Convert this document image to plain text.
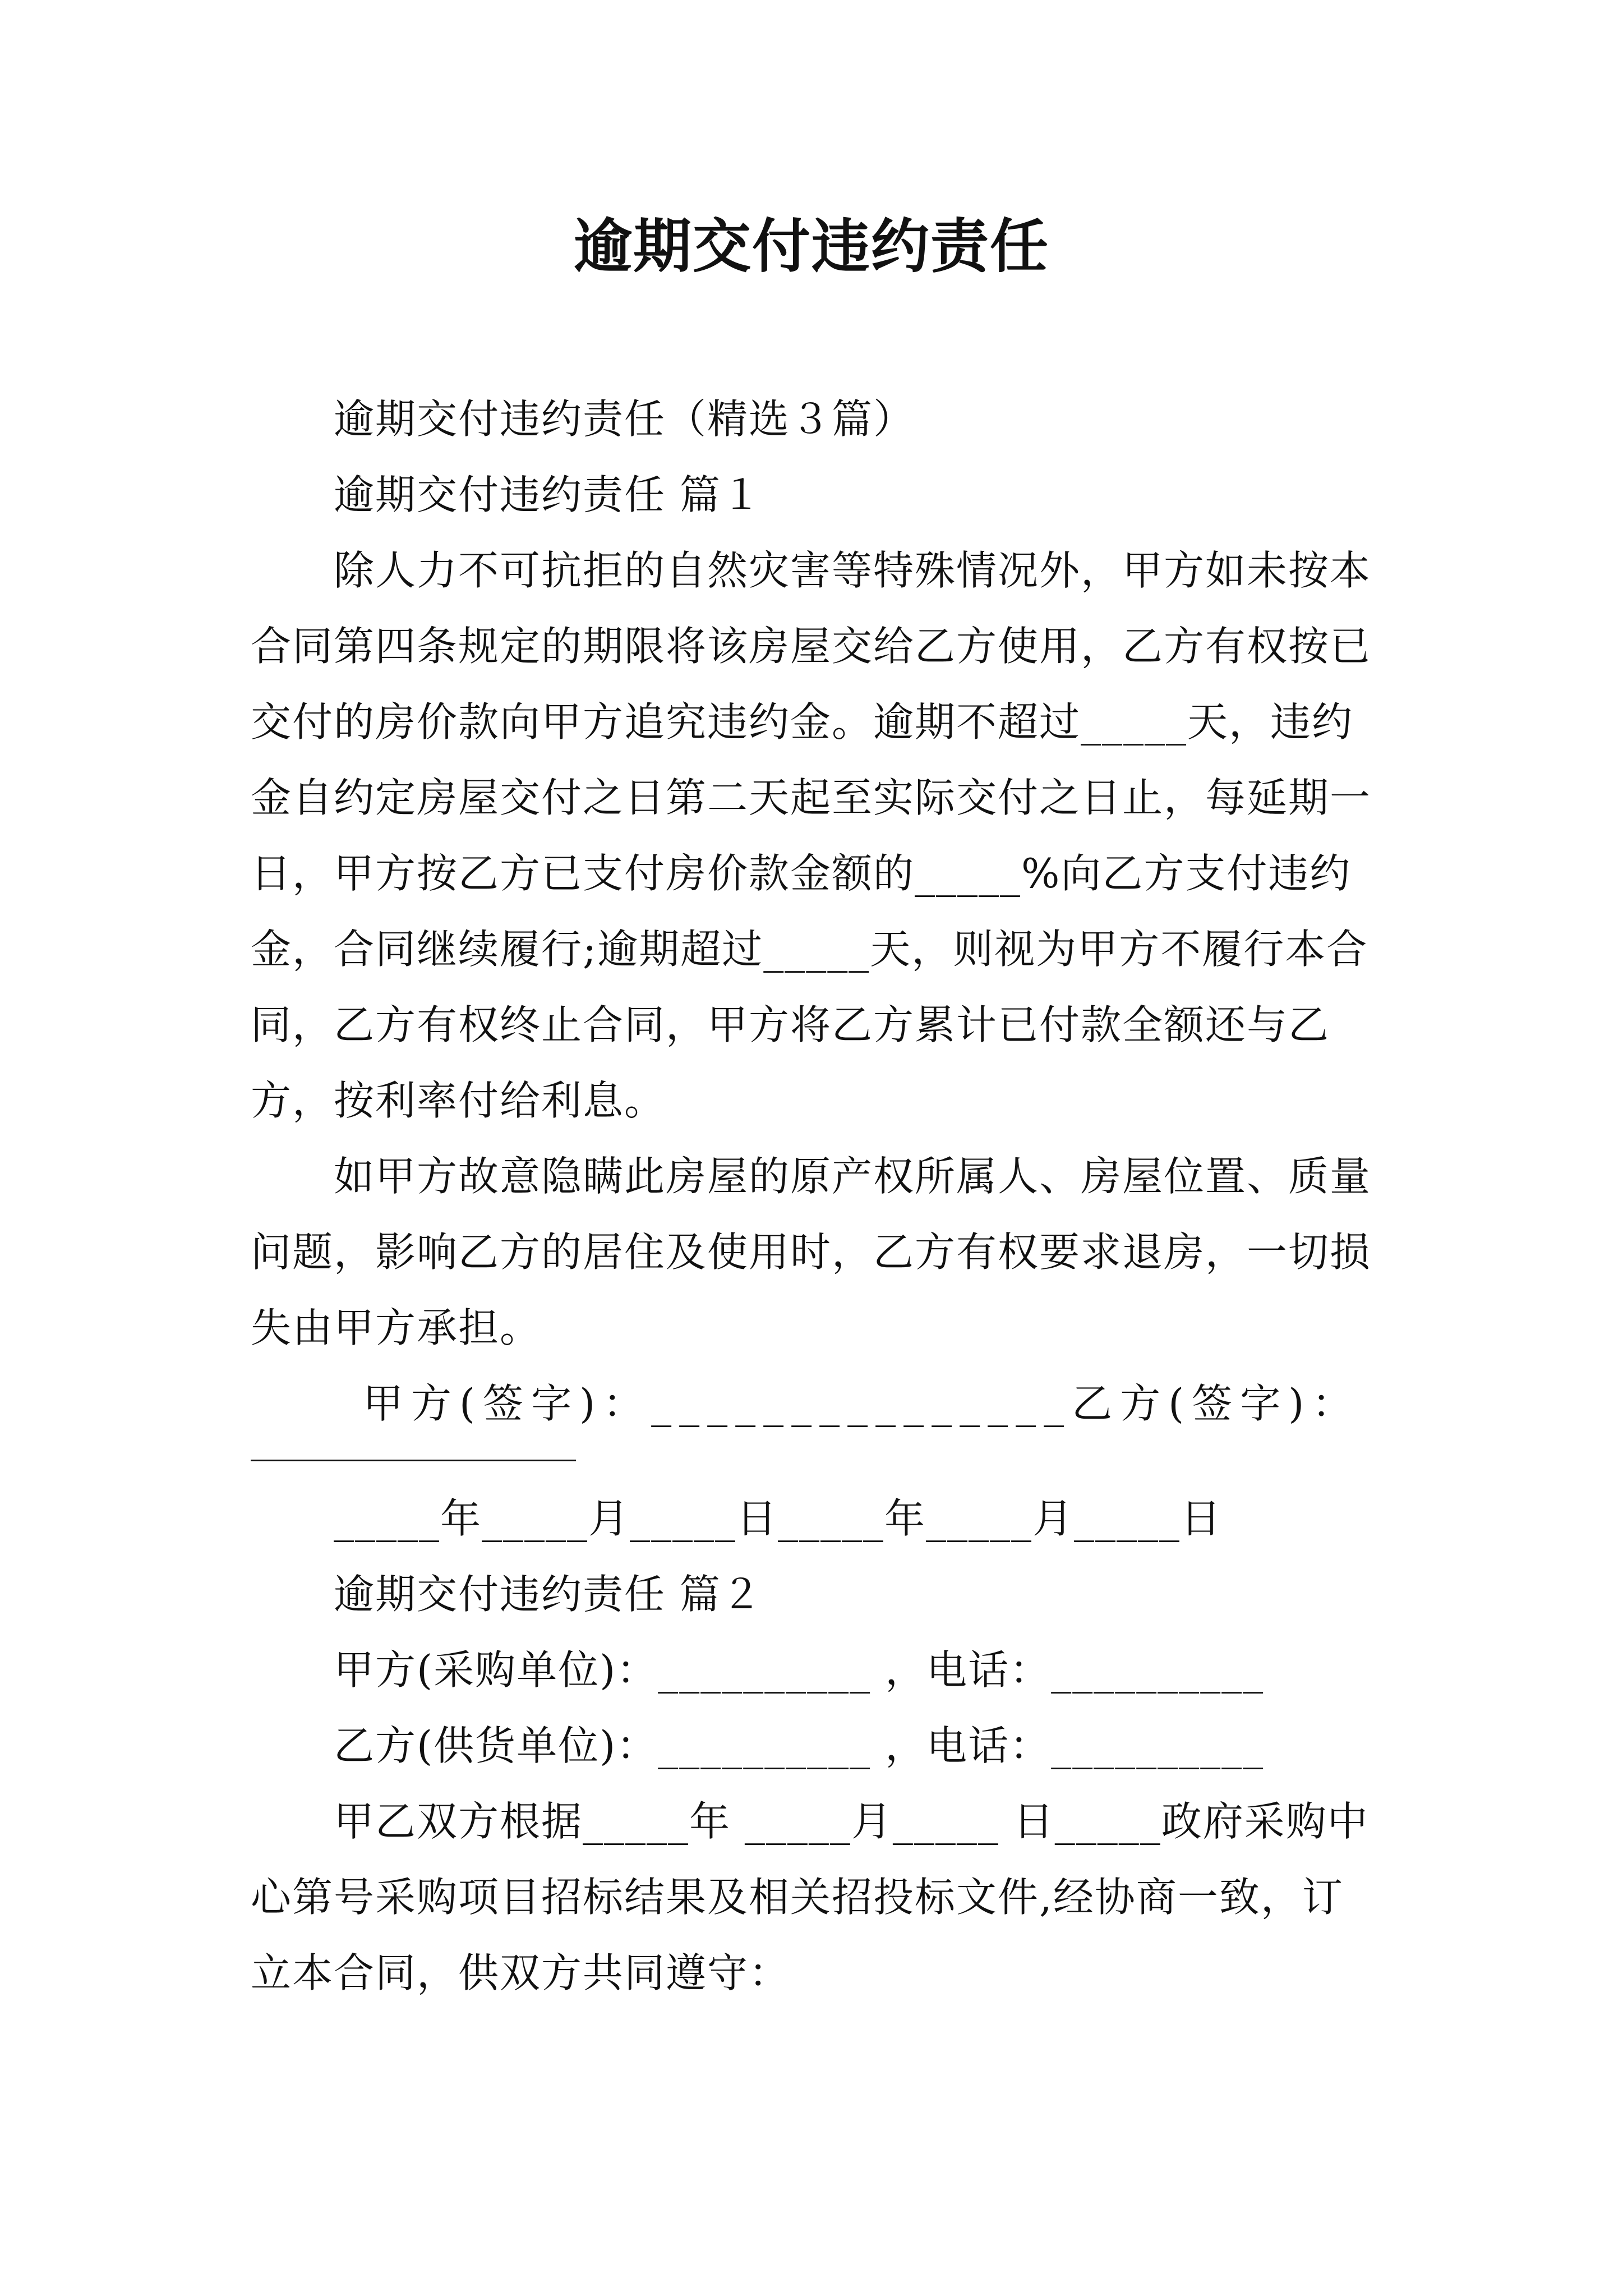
逾期交付违约责任

逾期交付违约责任（精选３篇）

逾期交付违约责任 篇１

除人力不可抗拒的自然灾害等特殊情况外，甲方如未按本合同第四条规定的期限将该房屋交给乙方使用，乙方有权按已交付的房价款向甲方追究违约金。逾期不超过_____天，违约金自约定房屋交付之日第二天起至实际交付之日止，每延期一日，甲方按乙方已支付房价款金额的_____%向乙方支付违约金，合同继续履行;逾期超过_____天，则视为甲方不履行本合同，乙方有权终止合同，甲方将乙方累计已付款全额还与乙方，按利率付给利息。

如甲方故意隐瞒此房屋的原产权所属人、房屋位置、质量问题，影响乙方的居住及使用时，乙方有权要求退房，一切损失由甲方承担。

甲方(签字)：_______________乙方(签字)：

_____年_____月_____日_____年_____月_____日

逾期交付违约责任 篇２

甲方(采购单位)：__________ ，电话：__________

乙方(供货单位)：__________ ，电话：__________

甲乙双方根据_____年 _____月_____ 日_____政府采购中心第号采购项目招标结果及相关招投标文件,经协商一致，订立本合同，供双方共同遵守：
